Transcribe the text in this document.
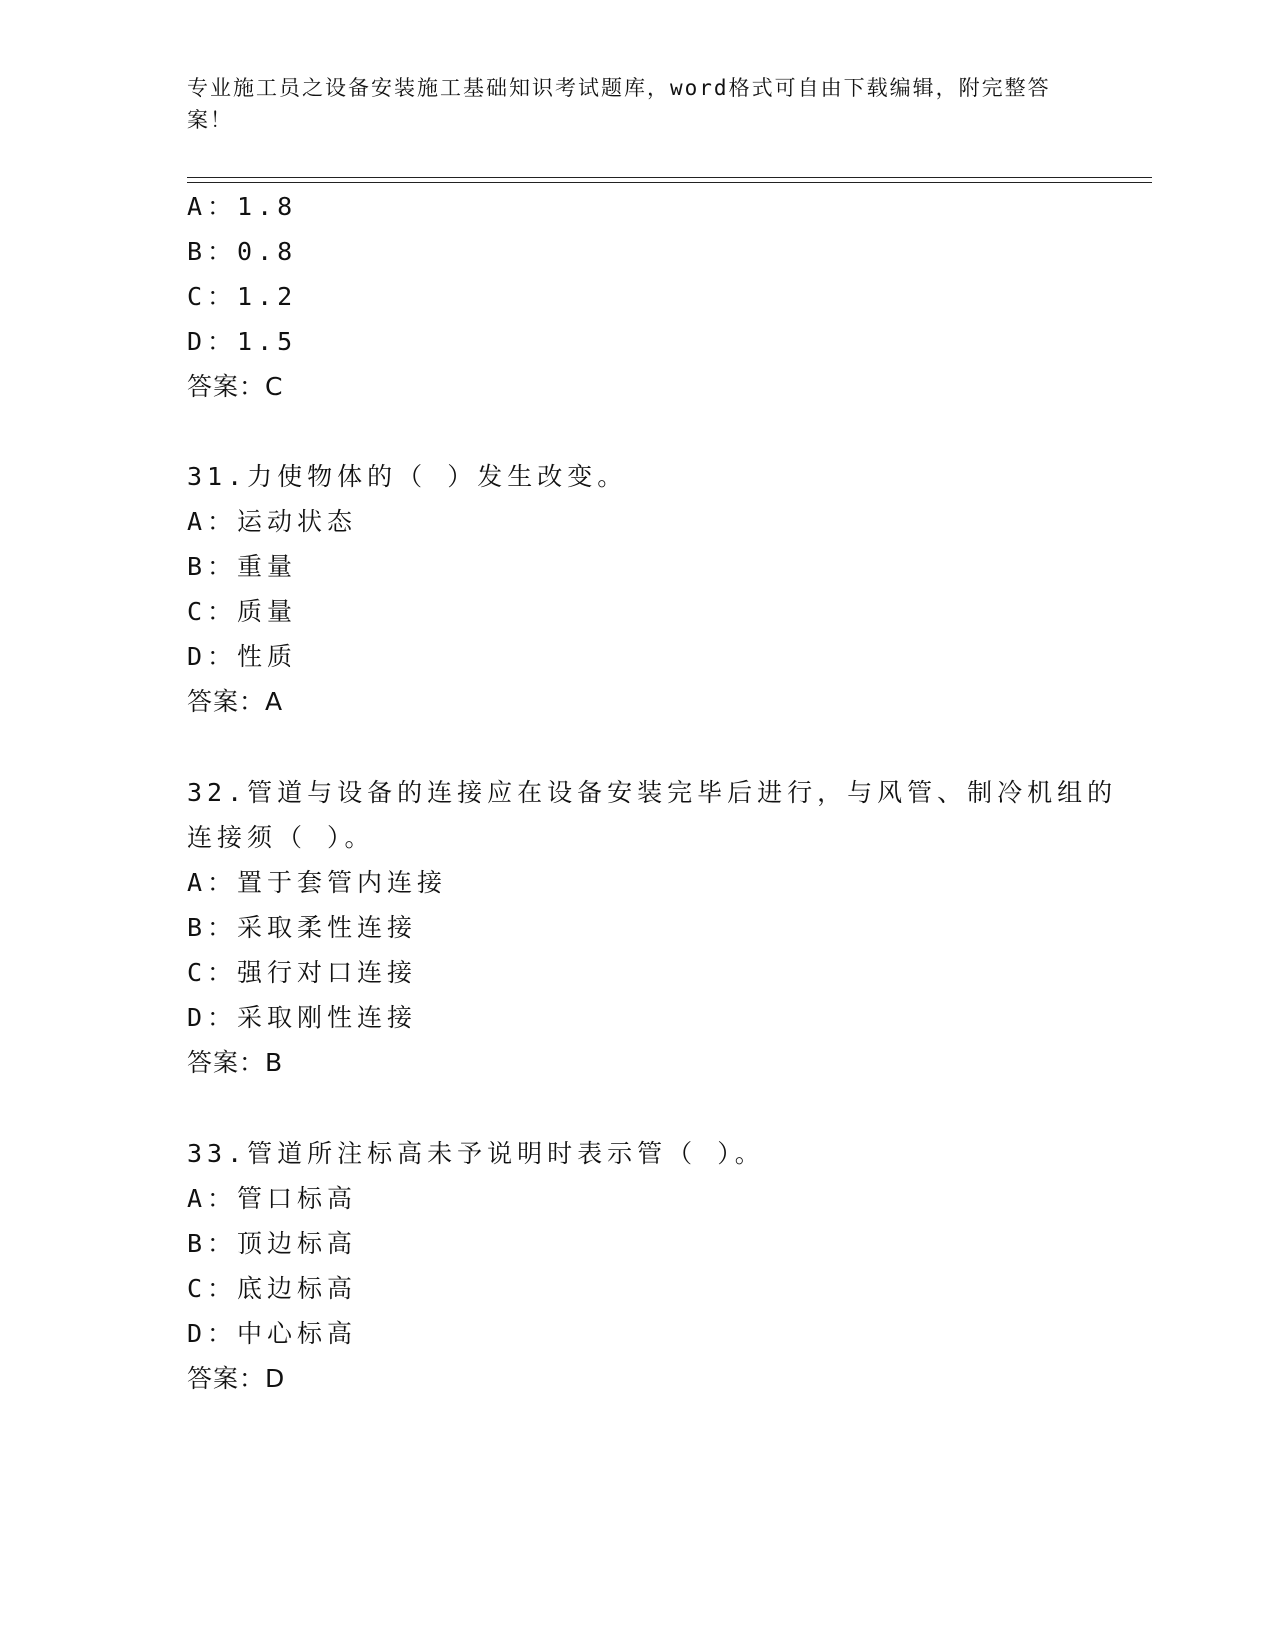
专业施工员之设备安装施工基础知识考试题库，word格式可自由下载编辑，附完整答案！
A：1.8
B：0.8
C：1.2
D：1.5
答案：C
31.力使物体的（ ）发生改变。
A：运动状态
B：重量
C：质量
D：性质
答案：A
32.管道与设备的连接应在设备安装完毕后进行，与风管、制冷机组的
连接须（ ）。
A：置于套管内连接
B：采取柔性连接
C：强行对口连接
D：采取刚性连接
答案：B
33.管道所注标高未予说明时表示管（ ）。
A：管口标高
B：顶边标高
C：底边标高
D：中心标高
答案：D
